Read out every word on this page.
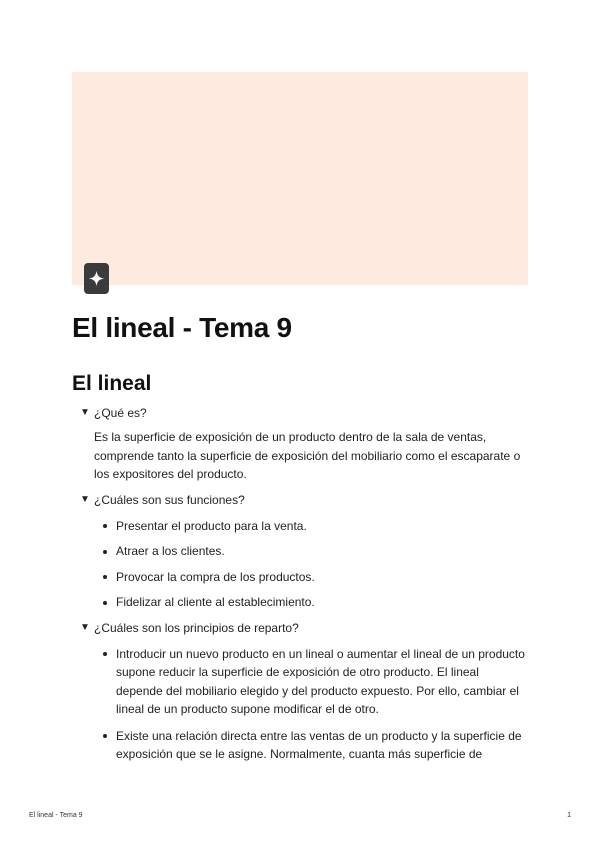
El lineal - Tema 9
El lineal
▼ ¿Qué es?

Es la superficie de exposición de un producto dentro de la sala de ventas, comprende tanto la superficie de exposición del mobiliario como el escaparate o los expositores del producto.

▼ ¿Cuáles son sus funciones?
Presentar el producto para la venta.
Atraer a los clientes.
Provocar la compra de los productos.
Fidelizar al cliente al establecimiento.
▼ ¿Cuáles son los principios de reparto?
Introducir un nuevo producto en un lineal o aumentar el lineal de un producto supone reducir la superficie de exposición de otro producto. El lineal depende del mobiliario elegido y del producto expuesto. Por ello, cambiar el lineal de un producto supone modificar el de otro.
Existe una relación directa entre las ventas de un producto y la superficie de exposición que se le asigne. Normalmente, cuanta más superficie de
El lineal - Tema 9	1
